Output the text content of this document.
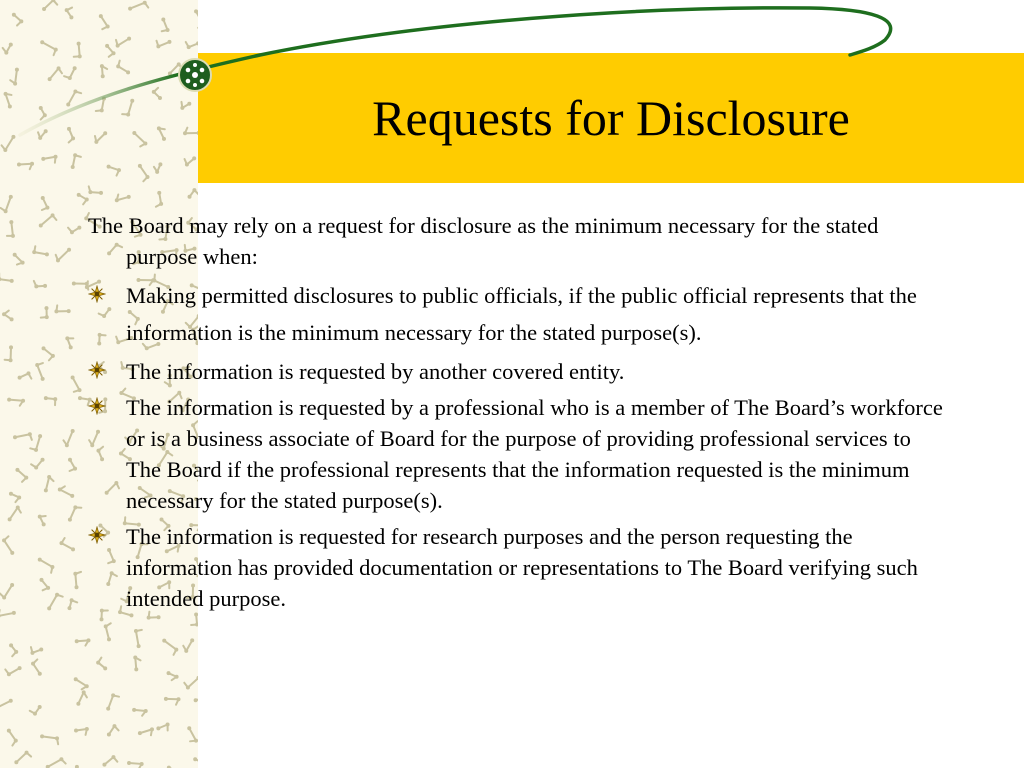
Requests for Disclosure

The Board may rely on a request for disclosure as the minimum necessary for the stated purpose when:

Making permitted disclosures to public officials, if the public official represents that the information is the minimum necessary for the stated purpose(s).
The information is requested by another covered entity.
The information is requested by a professional who is a member of The Board’s workforce or is a business associate of Board for the purpose of providing professional services to The Board if the professional represents that the information requested is the minimum necessary for the stated purpose(s).
The information is requested for research purposes and the person requesting the information has provided documentation or representations to The Board verifying such intended purpose.
